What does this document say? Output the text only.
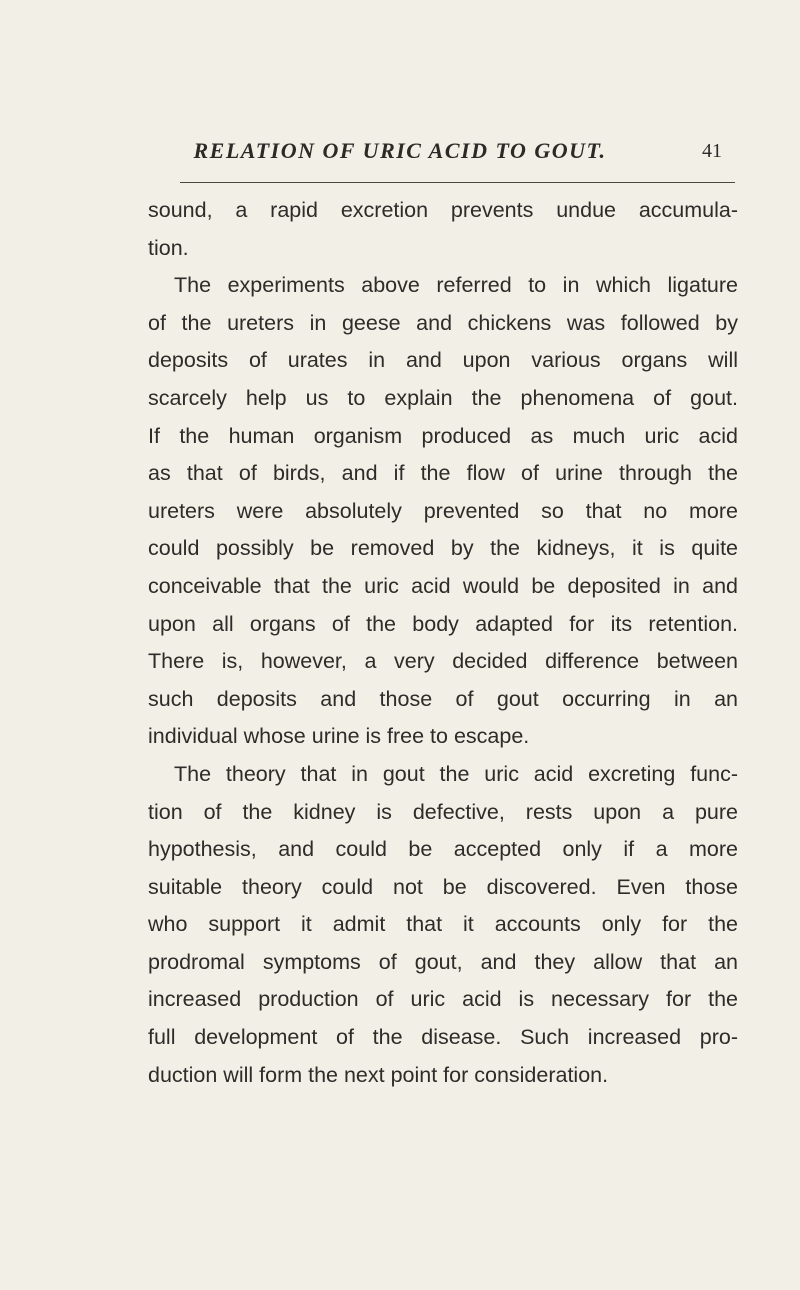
RELATION OF URIC ACID TO GOUT.	41
sound, a rapid excretion prevents undue accumula-
tion.
The experiments above referred to in which ligature
of the ureters in geese and chickens was followed by
deposits of urates in and upon various organs will
scarcely help us to explain the phenomena of gout.
If the human organism produced as much uric acid
as that of birds, and if the flow of urine through the
ureters were absolutely prevented so that no more
could possibly be removed by the kidneys, it is quite
conceivable that the uric acid would be deposited in and
upon all organs of the body adapted for its retention.
There is, however, a very decided difference between
such deposits and those of gout occurring in an
individual whose urine is free to escape.
The theory that in gout the uric acid excreting func-
tion of the kidney is defective, rests upon a pure
hypothesis, and could be accepted only if a more
suitable theory could not be discovered. Even those
who support it admit that it accounts only for the
prodromal symptoms of gout, and they allow that an
increased production of uric acid is necessary for the
full development of the disease. Such increased pro-
duction will form the next point for consideration.
